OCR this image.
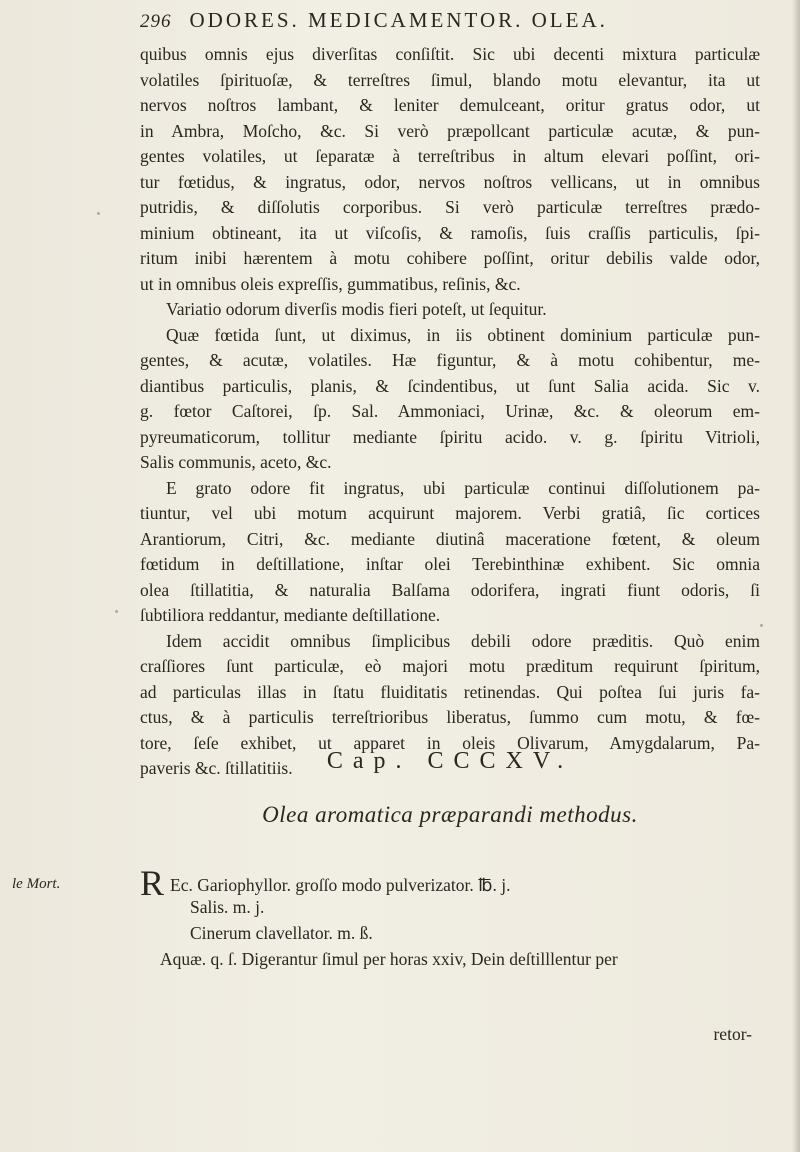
296 ODORES. MEDICAMENTOR. OLEA.
quibus omnis ejus diverſitas conſiſtit. Sic ubi decenti mixtura particulæ
volatiles ſpirituoſæ, & terreſtres ſimul, blando motu elevantur, ita ut
nervos noſtros lambant, & leniter demulceant, oritur gratus odor, ut
in Ambra, Moſcho, &c. Si verò præpollcant particulæ acutæ, & pun-
gentes volatiles, ut ſeparatæ à terreſtribus in altum elevari poſſint, ori-
tur fœtidus, & ingratus, odor, nervos noſtros vellicans, ut in omnibus
putridis, & diſſolutis corporibus. Si verò particulæ terreſtres prædo-
minium obtineant, ita ut viſcoſis, & ramoſis, ſuis craſſis particulis, ſpi-
ritum inibi hærentem à motu cohibere poſſint, oritur debilis valde odor,
ut in omnibus oleis expreſſis, gummatibus, reſinis, &c.
Variatio odorum diverſis modis fieri poteſt, ut ſequitur.
Quæ fœtida ſunt, ut diximus, in iis obtinent dominium particulæ pun-
gentes, & acutæ, volatiles. Hæ figuntur, & à motu cohibentur, me-
diantibus particulis, planis, & ſcindentibus, ut ſunt Salia acida. Sic v.
g. fœtor Caſtorei, ſp. Sal. Ammoniaci, Urinæ, &c. & oleorum em-
pyreumaticorum, tollitur mediante ſpiritu acido. v. g. ſpiritu Vitrioli,
Salis communis, aceto, &c.
E grato odore fit ingratus, ubi particulæ continui diſſolutionem pa-
tiuntur, vel ubi motum acquirunt majorem. Verbi gratiâ, ſic cortices
Arantiorum, Citri, &c. mediante diutinâ maceratione fœtent, & oleum
fœtidum in deſtillatione, inſtar olei Terebinthinæ exhibent. Sic omnia
olea ſtillatitia, & naturalia Balſama odorifera, ingrati fiunt odoris, ſi
ſubtiliora reddantur, mediante deſtillatione.
Idem accidit omnibus ſimplicibus debili odore præditis. Quò enim
craſſiores ſunt particulæ, eò majori motu præditum requirunt ſpiritum,
ad particulas illas in ſtatu fluiditatis retinendas. Qui poſtea ſui juris fa-
ctus, & à particulis terreſtrioribus liberatus, ſummo cum motu, & fœ-
tore, ſeſe exhibet, ut apparet in oleis Olivarum, Amygdalarum, Pa-
paveris &c. ſtillatitiis.	Cap. CCCXV.
Olea aromatica præparandi methodus.
le Mort. R Ec. Gariophyllor. groſſo modo pulverizator. ℔. j.
Salis. m. j.
Cinerum clavellator. m. ß.
Aquæ. q. ſ. Digerantur ſimul per horas xxiv, Dein deſtilllentur per
retor-
